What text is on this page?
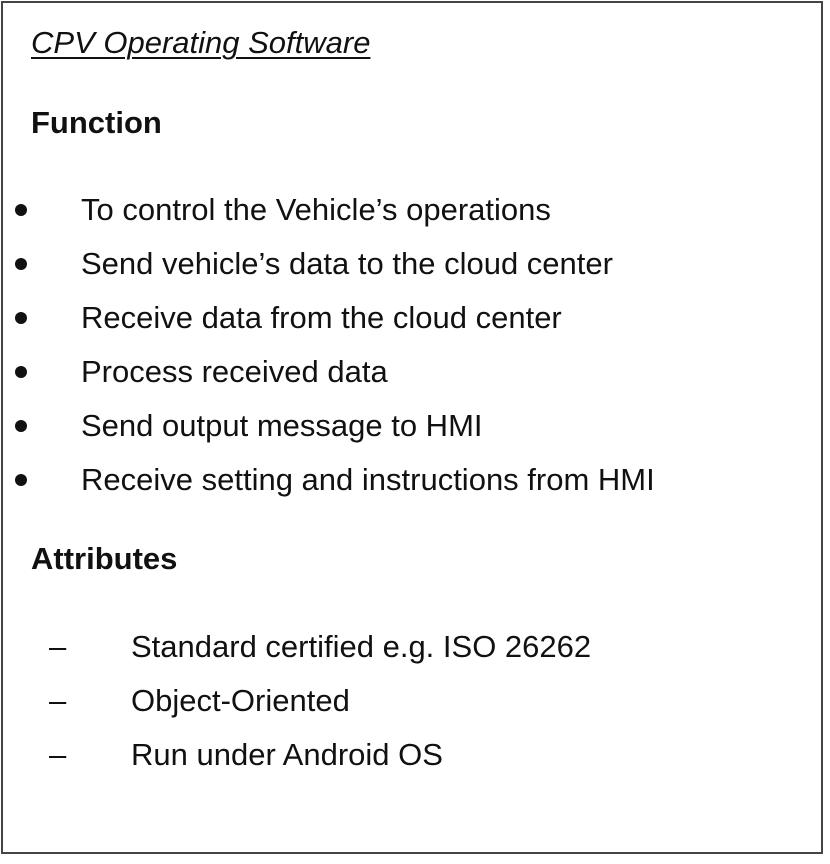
CPV Operating Software
Function
To control the Vehicle’s operations
Send vehicle’s data to the cloud center
Receive data from the cloud center
Process received data
Send output message to HMI
Receive setting and instructions from HMI
Attributes
– Standard certified e.g. ISO 26262
– Object-Oriented
– Run under Android OS
